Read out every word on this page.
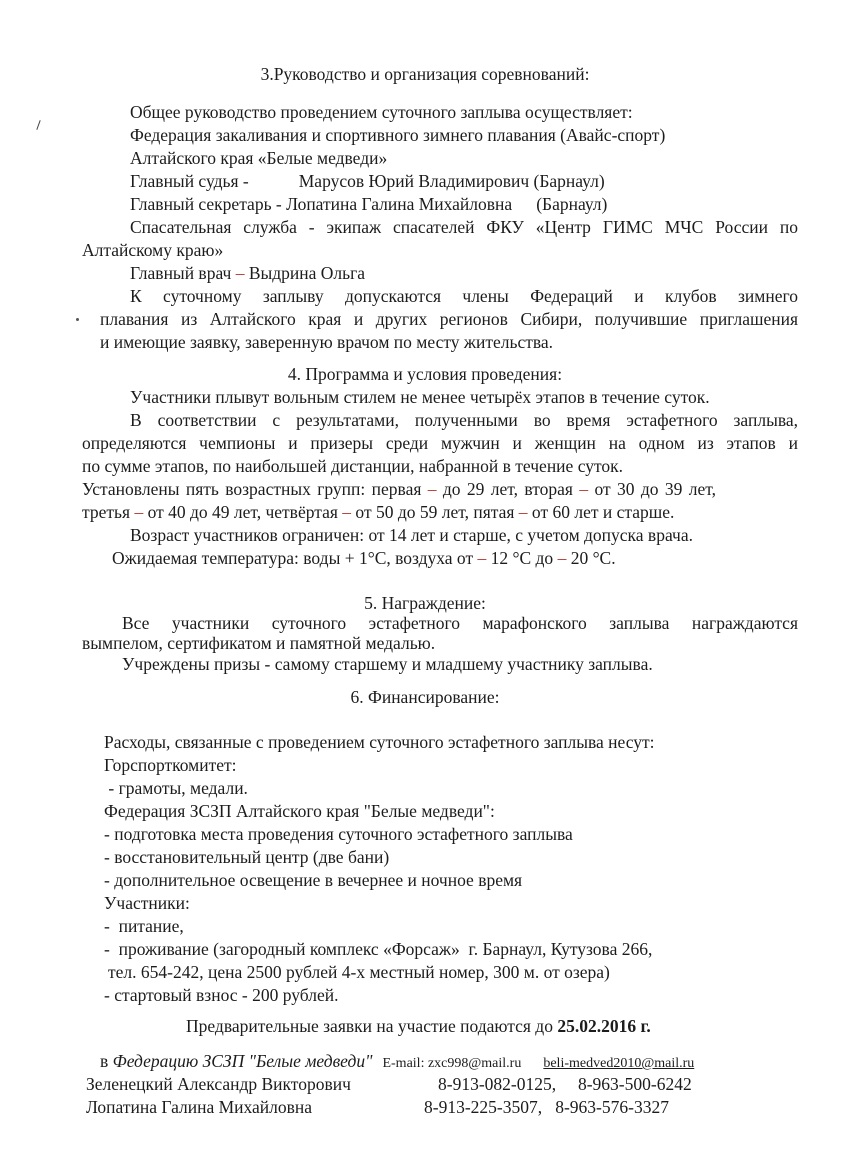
3.Руководство и организация соревнований:
Общее руководство проведением суточного заплыва осуществляет:
Федерация закаливания и спортивного зимнего плавания (Авайс-спорт)
Алтайского края «Белые медведи»
Главный судья -	Марусов Юрий Владимирович (Барнаул)
Главный секретарь - Лопатина Галина Михайловна (Барнаул)
Спасательная служба - экипаж спасателей ФКУ «Центр ГИМС МЧС России по
Алтайскому краю»
Главный врач – Выдрина Ольга
К суточному заплыву допускаются члены Федераций и клубов зимнего
плавания из Алтайского края и других регионов Сибири, получившие приглашения
и имеющие заявку, заверенную врачом по месту жительства.
4. Программа и условия проведения:
Участники плывут вольным стилем не менее четырёх этапов в течение суток.
В соответствии с результатами, полученными во время эстафетного заплыва,
определяются чемпионы и призеры среди мужчин и женщин на одном из этапов и
по сумме этапов, по наибольшей дистанции, набранной в течение суток.
Установлены пять возрастных групп: первая – до 29 лет, вторая – от 30 до 39 лет,
третья – от 40 до 49 лет, четвёртая – от 50 до 59 лет, пятая – от 60 лет и старше.
Возраст участников ограничен: от 14 лет и старше, с учетом допуска врача.
Ожидаемая температура: воды + 1°С, воздуха от – 12 °С до – 20 °С.
5. Награждение:
Все участники суточного эстафетного марафонского заплыва награждаются
вымпелом, сертификатом и памятной медалью.
Учреждены призы - самому старшему и младшему участнику заплыва.
6. Финансирование:
Расходы, связанные с проведением суточного эстафетного заплыва несут:
Горспорткомитет:
- грамоты, медали.
Федерация ЗСЗП Алтайского края "Белые медведи":
- подготовка места проведения суточного эстафетного заплыва
- восстановительный центр (две бани)
- дополнительное освещение в вечернее и ночное время
Участники:
-  питание,
-  проживание (загородный комплекс «Форсаж»  г. Барнаул, Кутузова 266,
тел. 654-242, цена 2500 рублей 4-х местный номер, 300 м. от озера)
- стартовый взнос - 200 рублей.
Предварительные заявки на участие подаются до 25.02.2016 г.
в Федерацию ЗСЗП "Белые медведи" E-mail: zxc998@mail.ru beli-medved2010@mail.ru
Зеленецкий Александр Викторович	8-913-082-0125,     8-963-500-6242
Лопатина Галина Михайловна	8-913-225-3507,   8-963-576-3327
